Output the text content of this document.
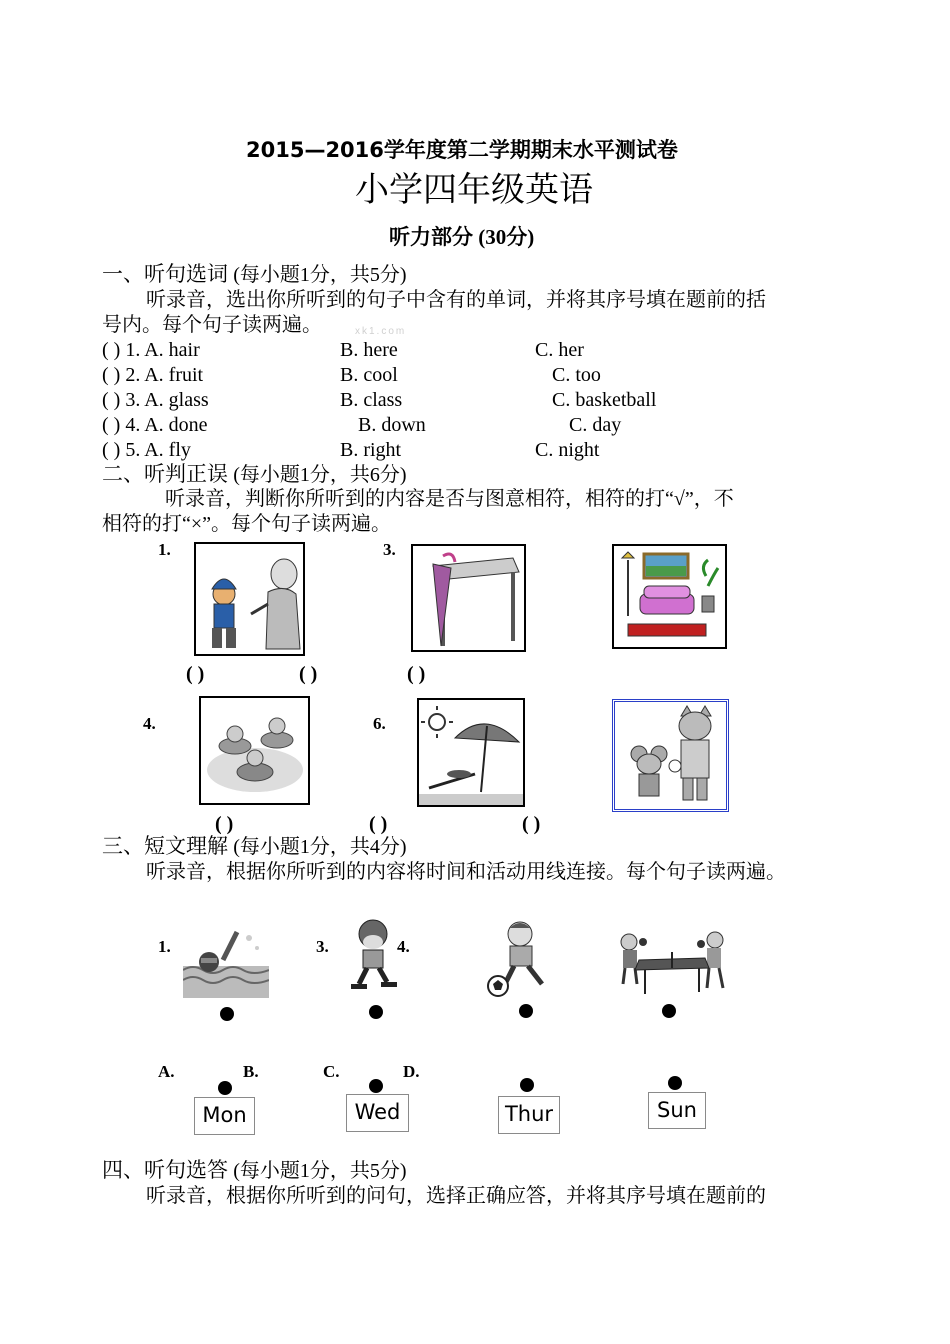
2015—2016学年度第二学期期末水平测试卷
小学四年级英语
听力部分 (30分)
一、听句选词 (每小题1分，共5分)
听录音，选出你所听到的句子中含有的单词，并将其序号填在题前的括
号内。每个句子读两遍。	xk1.com
( ) 1. A. hair	B. here	C. her
( ) 2. A. fruit	B. cool	C. too
( ) 3. A. glass	B. class	C. basketball
( ) 4. A. done	B. down	C. day
( ) 5. A. fly	B. right	C. night
二、听判正误 (每小题1分，共6分)
听录音，判断你所听到的内容是否与图意相符，相符的打“√”，不
相符的打“×”。每个句子读两遍。
1.	3.
4.	6.
( )	( )	( )
( )	( )	( )
三、短文理解 (每小题1分，共4分)
听录音，根据你所听到的内容将时间和活动用线连接。每个句子读两遍。
1.	3.	4.
A.	B.	C.	D.
Mon	Wed	Thur	Sun
四、听句选答 (每小题1分，共5分)
听录音，根据你所听到的问句，选择正确应答，并将其序号填在题前的
